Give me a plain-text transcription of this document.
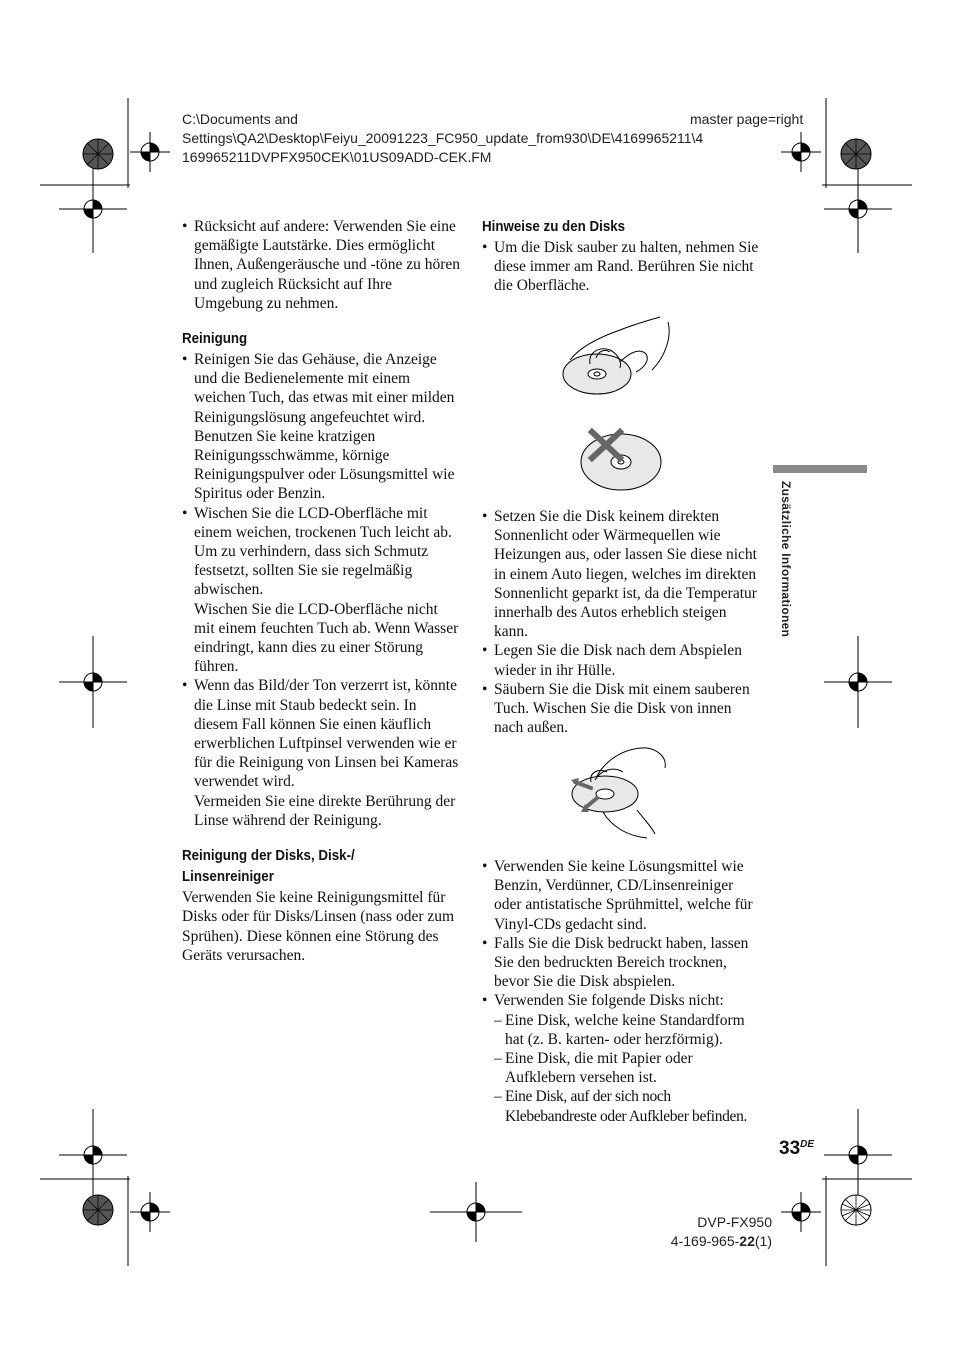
C:\Documents and
Settings\QA2\Desktop\Feiyu_20091223_FC950_update_from930\DE\4169965211\4
169965211DVPFX950CEK\01US09ADD-CEK.FM
master page=right
• Rücksicht auf andere: Verwenden Sie eine gemäßigte Lautstärke. Dies ermöglicht Ihnen, Außengeräusche und -töne zu hören und zugleich Rücksicht auf Ihre Umgebung zu nehmen.
Reinigung
• Reinigen Sie das Gehäuse, die Anzeige und die Bedienelemente mit einem weichen Tuch, das etwas mit einer milden Reinigungslösung angefeuchtet wird. Benutzen Sie keine kratzigen Reinigungsschwämme, körnige Reinigungspulver oder Lösungsmittel wie Spiritus oder Benzin.

• Wischen Sie die LCD-Oberfläche mit einem weichen, trockenen Tuch leicht ab. Um zu verhindern, dass sich Schmutz festsetzt, sollten Sie sie regelmäßig abwischen.

Wischen Sie die LCD-Oberfläche nicht mit einem feuchten Tuch ab. Wenn Wasser eindringt, kann dies zu einer Störung führen.

• Wenn das Bild/der Ton verzerrt ist, könnte die Linse mit Staub bedeckt sein. In diesem Fall können Sie einen käuflich erwerblichen Luftpinsel verwenden wie er für die Reinigung von Linsen bei Kameras verwendet wird.

Vermeiden Sie eine direkte Berührung der Linse während der Reinigung.

Reinigung der Disks, Disk-/ Linsenreiniger

Verwenden Sie keine Reinigungsmittel für Disks oder für Disks/Linsen (nass oder zum Sprühen). Diese können eine Störung des Geräts verursachen.

Hinweise zu den Disks
• Um die Disk sauber zu halten, nehmen Sie diese immer am Rand. Berühren Sie nicht die Oberfläche.
• Setzen Sie die Disk keinem direkten Sonnenlicht oder Wärmequellen wie Heizungen aus, oder lassen Sie diese nicht in einem Auto liegen, welches im direkten Sonnenlicht geparkt ist, da die Temperatur innerhalb des Autos erheblich steigen kann.
• Legen Sie die Disk nach dem Abspielen wieder in ihr Hülle.
• Säubern Sie die Disk mit einem sauberen Tuch. Wischen Sie die Disk von innen nach außen.
• Verwenden Sie keine Lösungsmittel wie Benzin, Verdünner, CD/Linsenreiniger oder antistatische Sprühmittel, welche für Vinyl-CDs gedacht sind.
• Falls Sie die Disk bedruckt haben, lassen Sie den bedruckten Bereich trocknen, bevor Sie die Disk abspielen.

• Verwenden Sie folgende Disks nicht:

– Eine Disk, welche keine Standardform hat (z. B. karten- oder herzförmig).
– Eine Disk, die mit Papier oder Aufklebern versehen ist.
– Eine Disk, auf der sich noch Klebebandreste oder Aufkleber befinden.
Zusätzliche Informationen
33DE
DVP-FX950
4-169-965-22(1)
